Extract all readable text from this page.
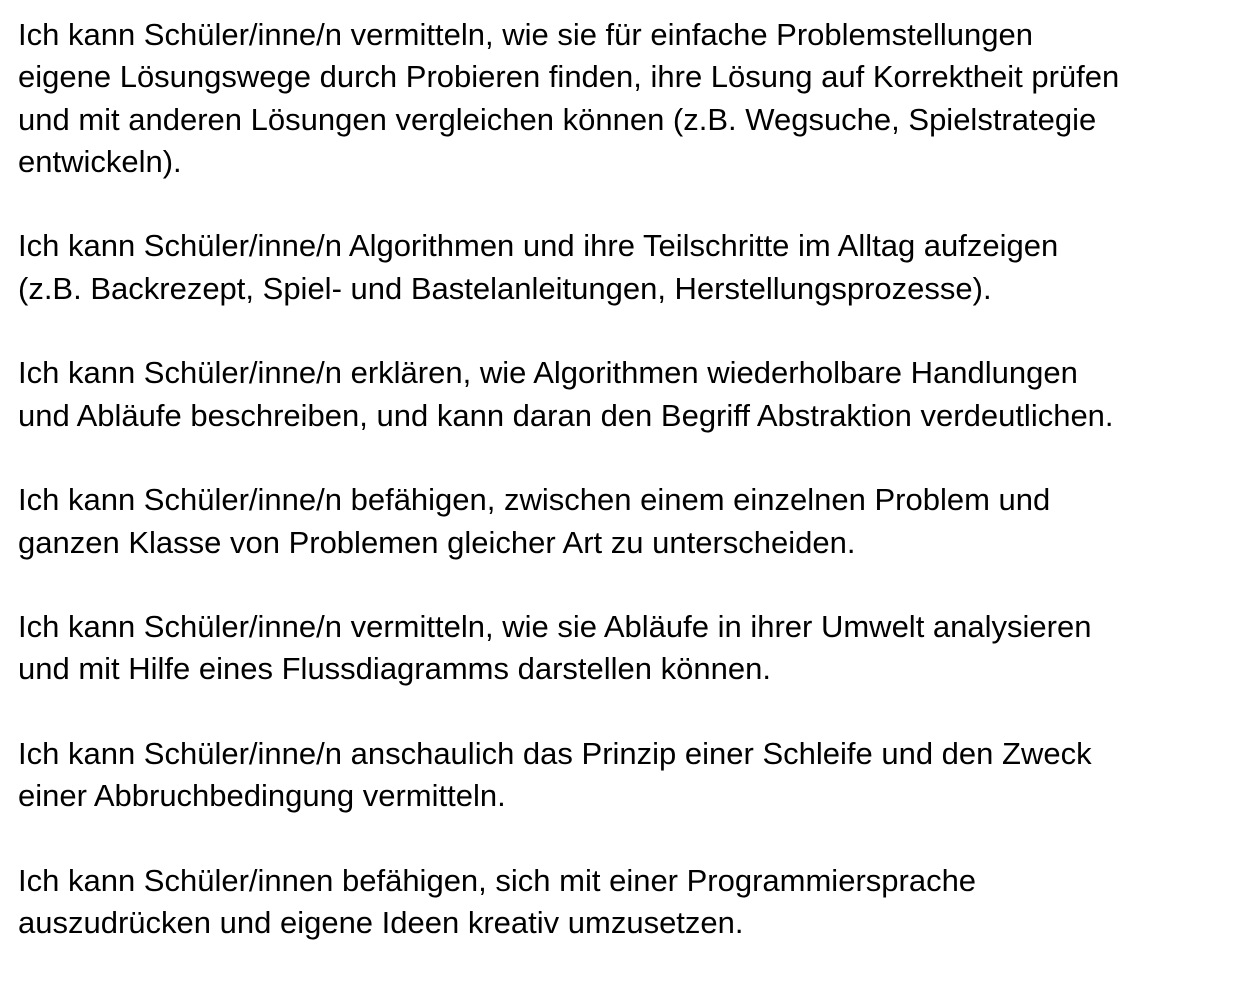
Ich kann Schüler/inne/n vermitteln, wie sie für einfache Problemstellungen
eigene Lösungswege durch Probieren finden, ihre Lösung auf Korrektheit prüfen
und mit anderen Lösungen vergleichen können (z.B. Wegsuche, Spielstrategie
entwickeln).

Ich kann Schüler/inne/n Algorithmen und ihre Teilschritte im Alltag aufzeigen
(z.B. Backrezept, Spiel- und Bastelanleitungen, Herstellungsprozesse).

Ich kann Schüler/inne/n erklären, wie Algorithmen wiederholbare Handlungen
und Abläufe beschreiben, und kann daran den Begriff Abstraktion verdeutlichen.

Ich kann Schüler/inne/n befähigen, zwischen einem einzelnen Problem und
ganzen Klasse von Problemen gleicher Art zu unterscheiden.

Ich kann Schüler/inne/n vermitteln, wie sie Abläufe in ihrer Umwelt analysieren
und mit Hilfe eines Flussdiagramms darstellen können.

Ich kann Schüler/inne/n anschaulich das Prinzip einer Schleife und den Zweck
einer Abbruchbedingung vermitteln.

Ich kann Schüler/innen befähigen, sich mit einer Programmiersprache
auszudrücken und eigene Ideen kreativ umzusetzen.
